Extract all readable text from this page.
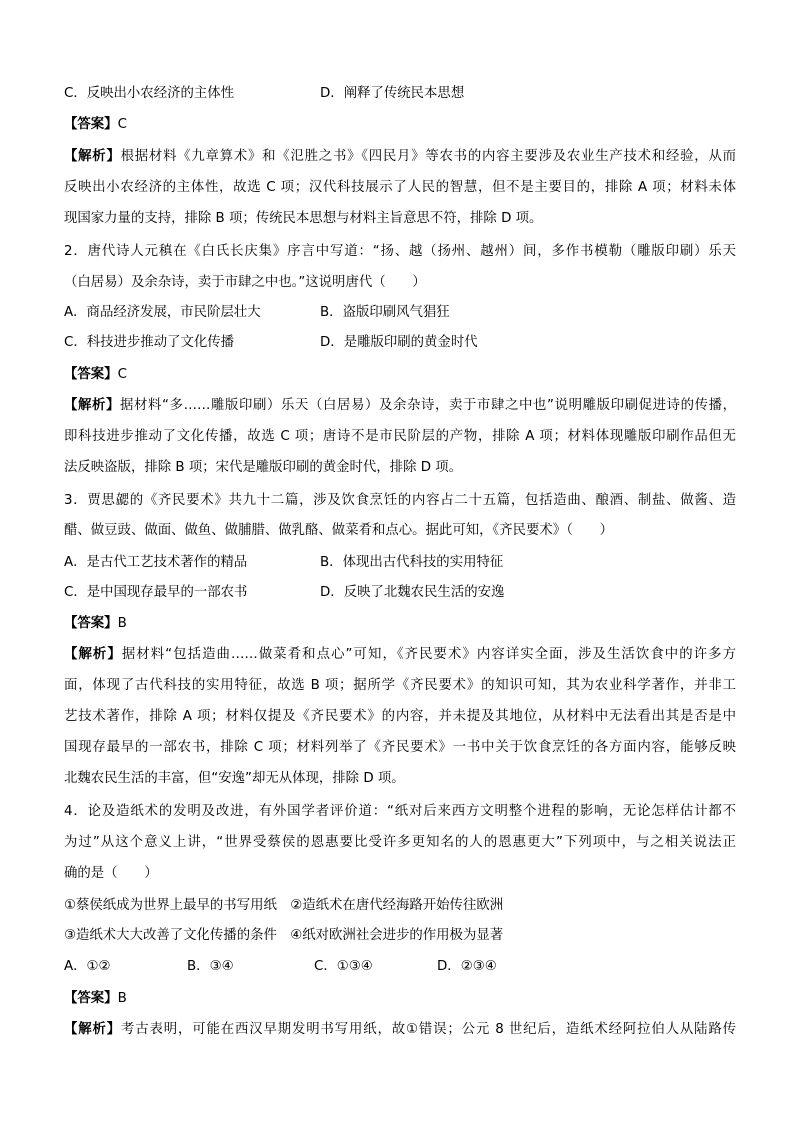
C．反映出小农经济的主体性	D．阐释了传统民本思想
【答案】C
【解析】根据材料《九章算术》和《氾胜之书》《四民月》等农书的内容主要涉及农业生产技术和经验，从而
反映出小农经济的主体性，故选 C 项；汉代科技展示了人民的智慧，但不是主要目的，排除 A 项；材料未体
现国家力量的支持，排除 B 项；传统民本思想与材料主旨意思不符，排除 D 项。
2．唐代诗人元稹在《白氏长庆集》序言中写道：“扬、越（扬州、越州）间，多作书模勒（雕版印刷）乐天
（白居易）及余杂诗，卖于市肆之中也。”这说明唐代（　　）
A．商品经济发展，市民阶层壮大	B．盗版印刷风气猖狂
C．科技进步推动了文化传播	D．是雕版印刷的黄金时代
【答案】C
【解析】据材料“多……雕版印刷）乐天（白居易）及余杂诗，卖于市肆之中也”说明雕版印刷促进诗的传播，
即科技进步推动了文化传播，故选 C 项；唐诗不是市民阶层的产物，排除 A 项；材料体现雕版印刷作品但无
法反映盗版，排除 B 项；宋代是雕版印刷的黄金时代，排除 D 项。
3．贾思勰的《齐民要术》共九十二篇，涉及饮食烹饪的内容占二十五篇，包括造曲、酿酒、制盐、做酱、造
醋、做豆豉、做面、做鱼、做脯腊、做乳酪、做菜肴和点心。据此可知，《齐民要术》（　　）
A．是古代工艺技术著作的精品	B．体现出古代科技的实用特征
C．是中国现存最早的一部农书	D．反映了北魏农民生活的安逸
【答案】B
【解析】据材料“包括造曲……做菜肴和点心”可知，《齐民要术》内容详实全面，涉及生活饮食中的许多方
面，体现了古代科技的实用特征，故选 B 项；据所学《齐民要术》的知识可知，其为农业科学著作，并非工
艺技术著作，排除 A 项；材料仅提及《齐民要术》的内容，并未提及其地位，从材料中无法看出其是否是中
国现存最早的一部农书，排除 C 项；材料列举了《齐民要术》一书中关于饮食烹饪的各方面内容，能够反映
北魏农民生活的丰富，但“安逸”却无从体现，排除 D 项。
4．论及造纸术的发明及改进，有外国学者评价道：“纸对后来西方文明整个进程的影响，无论怎样估计都不
为过”从这个意义上讲，“世界受蔡侯的恩惠要比受许多更知名的人的恩惠更大”下列项中，与之相关说法正
确的是（　　）
①蔡侯纸成为世界上最早的书写用纸　②造纸术在唐代经海路开始传往欧洲
③造纸术大大改善了文化传播的条件　④纸对欧洲社会进步的作用极为显著
A．①②	B．③④	C．①③④	D．②③④
【答案】B
【解析】考古表明，可能在西汉早期发明书写用纸，故①错误；公元 8 世纪后，造纸术经阿拉伯人从陆路传
